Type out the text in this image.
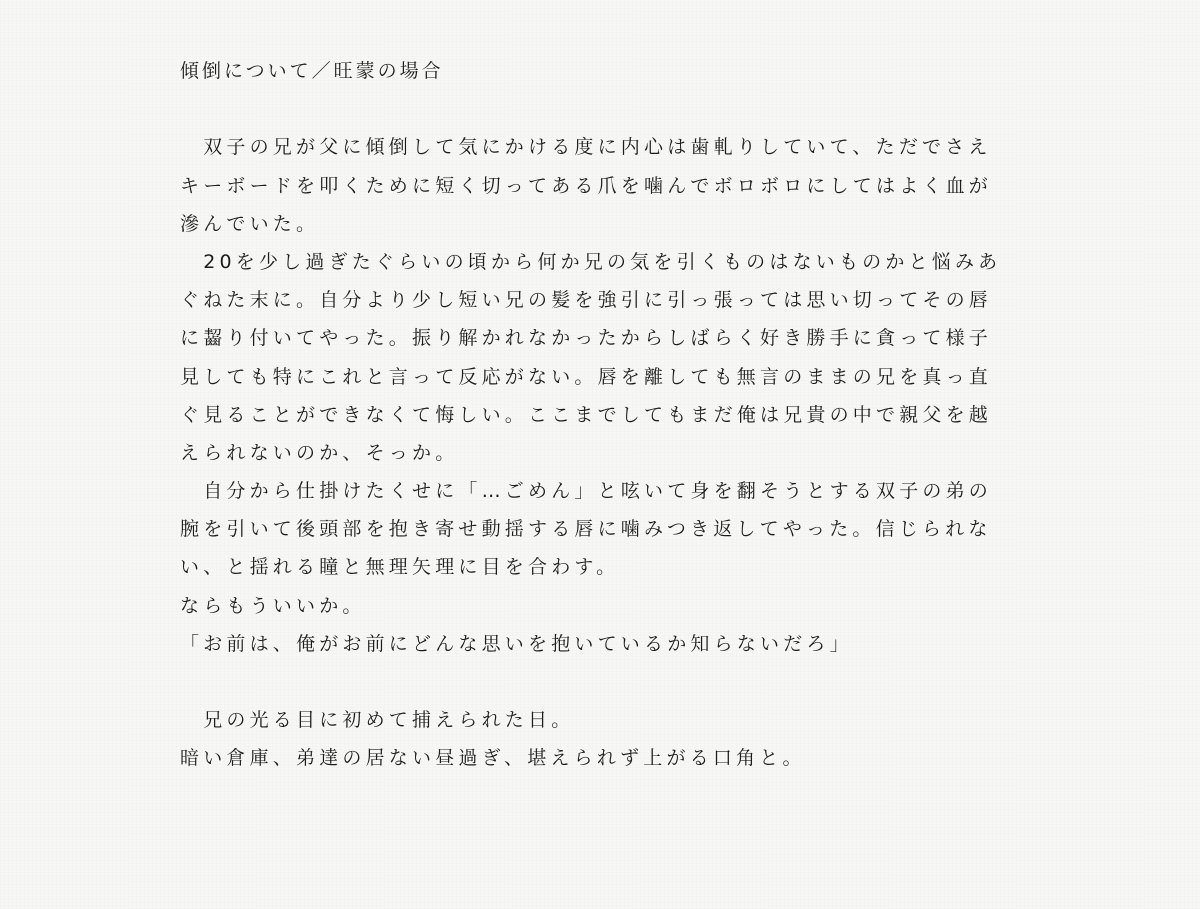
傾倒について／旺蒙の場合
　双子の兄が父に傾倒して気にかける度に内心は歯軋りしていて、ただでさえ
キーボードを叩くために短く切ってある爪を噛んでボロボロにしてはよく血が
滲んでいた。
　20を少し過ぎたぐらいの頃から何か兄の気を引くものはないものかと悩みあ
ぐねた末に。自分より少し短い兄の髪を強引に引っ張っては思い切ってその唇
に齧り付いてやった。振り解かれなかったからしばらく好き勝手に貪って様子
見しても特にこれと言って反応がない。唇を離しても無言のままの兄を真っ直
ぐ見ることができなくて悔しい。ここまでしてもまだ俺は兄貴の中で親父を越
えられないのか、そっか。
　自分から仕掛けたくせに「…ごめん」と呟いて身を翻そうとする双子の弟の
腕を引いて後頭部を抱き寄せ動揺する唇に噛みつき返してやった。信じられな
い、と揺れる瞳と無理矢理に目を合わす。
ならもういいか。
「お前は、俺がお前にどんな思いを抱いているか知らないだろ」
　兄の光る目に初めて捕えられた日。
暗い倉庫、弟達の居ない昼過ぎ、堪えられず上がる口角と。
